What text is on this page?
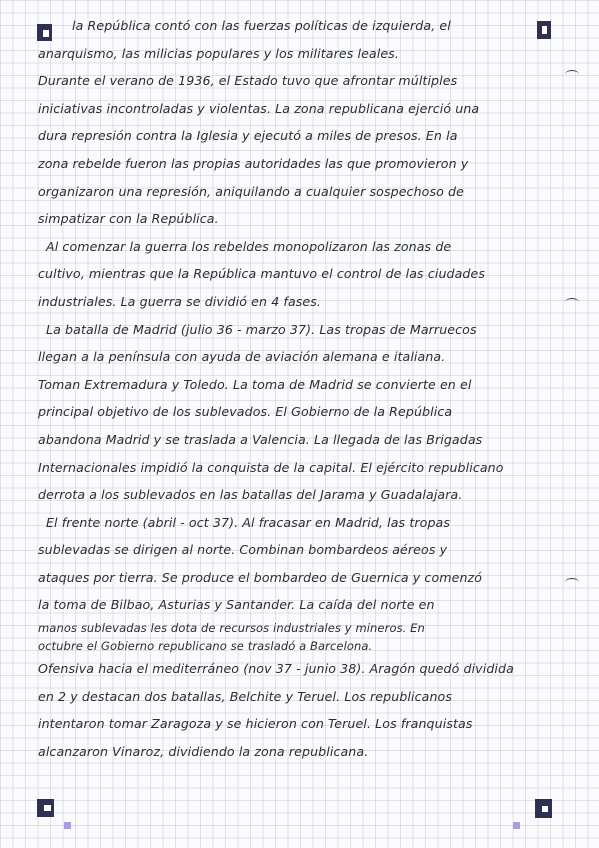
la República contó con las fuerzas políticas de izquierda, el
anarquismo, las milicias populares y los militares leales.
Durante el verano de 1936, el Estado tuvo que afrontar múltiples
iniciativas incontroladas y violentas. La zona republicana ejerció una
dura represión contra la Iglesia y ejecutó a miles de presos. En la
zona rebelde fueron las propias autoridades las que promovieron y
organizaron una represión, aniquilando a cualquier sospechoso de
simpatizar con la República.
Al comenzar la guerra los rebeldes monopolizaron las zonas de
cultivo, mientras que la República mantuvo el control de las ciudades
industriales. La guerra se dividió en 4 fases.
La batalla de Madrid (julio 36 - marzo 37). Las tropas de Marruecos
llegan a la península con ayuda de aviación alemana e italiana.
Toman Extremadura y Toledo. La toma de Madrid se convierte en el
principal objetivo de los sublevados. El Gobierno de la República
abandona Madrid y se traslada a Valencia. La llegada de las Brigadas
Internacionales impidió la conquista de la capital. El ejército republicano
derrota a los sublevados en las batallas del Jarama y Guadalajara.
El frente norte (abril - oct 37). Al fracasar en Madrid, las tropas
sublevadas se dirigen al norte. Combinan bombardeos aéreos y
ataques por tierra. Se produce el bombardeo de Guernica y comenzó
la toma de Bilbao, Asturias y Santander. La caída del norte en
manos sublevadas les dota de recursos industriales y mineros. En
octubre el Gobierno republicano se trasladó a Barcelona.
Ofensiva hacia el mediterráneo (nov 37 - junio 38). Aragón quedó dividida
en 2 y destacan dos batallas, Belchite y Teruel. Los republicanos
intentaron tomar Zaragoza y se hicieron con Teruel. Los franquistas
alcanzaron Vinaroz, dividiendo la zona republicana.
